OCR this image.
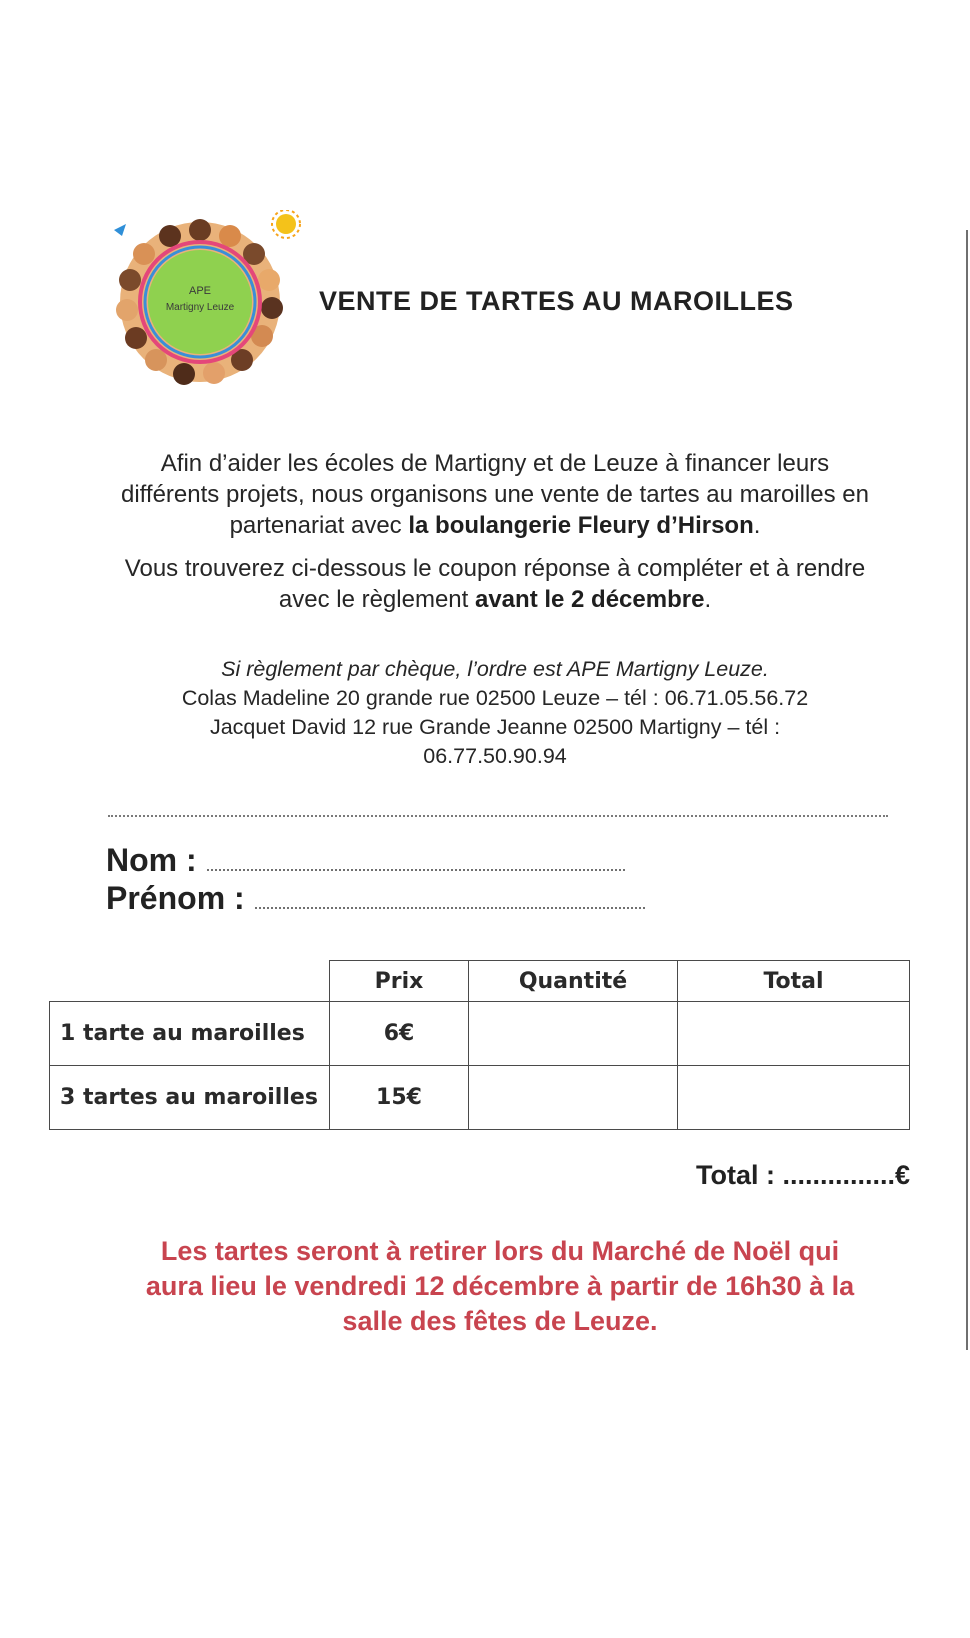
APE
Martigny Leuze	VENTE DE TARTES AU MAROILLES

Afin d’aider les écoles de Martigny et de Leuze à financer leurs différents projets, nous organisons une vente de tartes au maroilles en partenariat avec la boulangerie Fleury d’Hirson.

Vous trouverez ci-dessous le coupon réponse à compléter et à rendre avec le règlement avant le 2 décembre.

Si règlement par chèque, l’ordre est APE Martigny Leuze.
Colas Madeline 20 grande rue 02500 Leuze – tél : 06.71.05.56.72
Jacquet David 12 rue Grande Jeanne 02500 Martigny – tél :
06.77.50.90.94
Nom :
Prénom :
	Prix	Quantité	Total
1 tarte au maroilles	6€		
3 tartes au maroilles	15€		
Total : ...............€
Les tartes seront à retirer lors du Marché de Noël qui
aura lieu le vendredi 12 décembre à partir de 16h30 à la
salle des fêtes de Leuze.
